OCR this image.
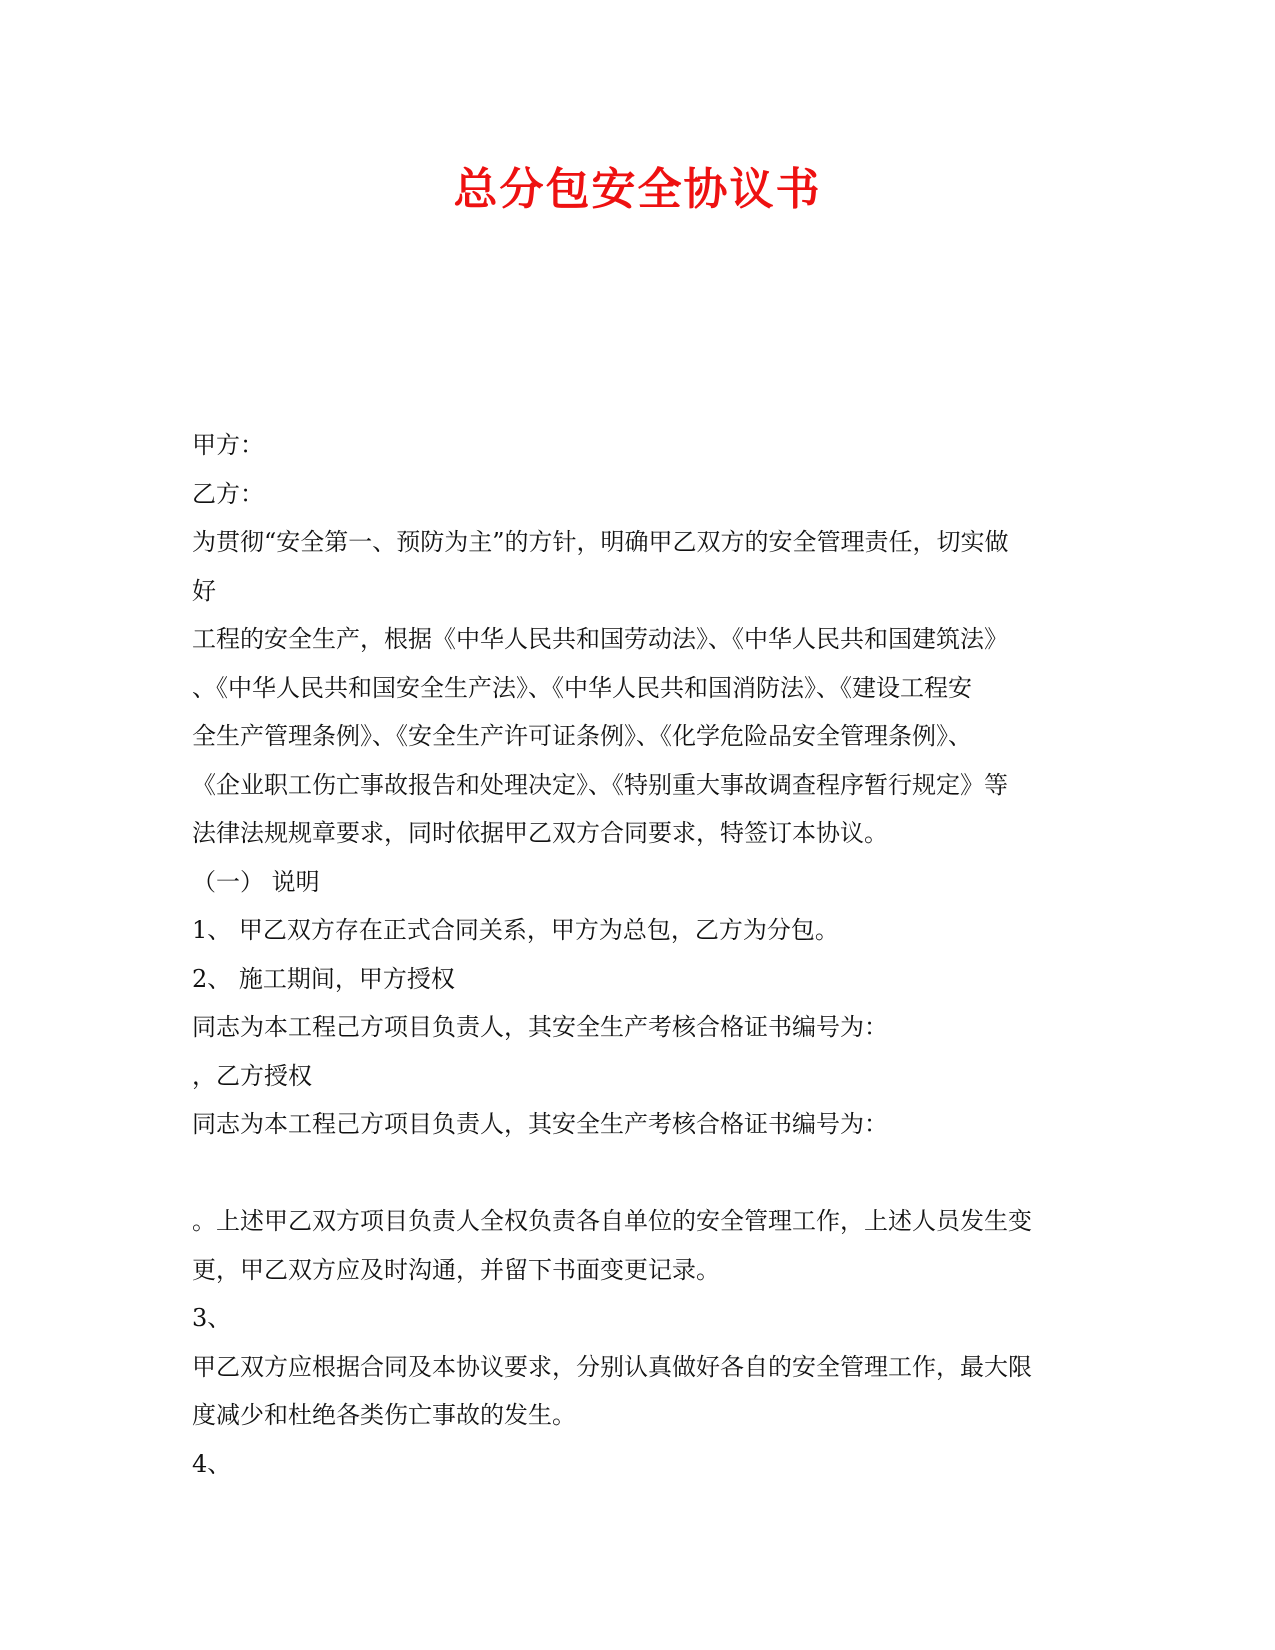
总分包安全协议书
甲方：
乙方：
为贯彻“安全第一、预防为主”的方针，明确甲乙双方的安全管理责任，切实做
好
工程的安全生产，根据《中华人民共和国劳动法》、《中华人民共和国建筑法》
、《中华人民共和国安全生产法》、《中华人民共和国消防法》、《建设工程安
全生产管理条例》、《安全生产许可证条例》、《化学危险品安全管理条例》、
《企业职工伤亡事故报告和处理决定》、《特别重大事故调查程序暂行规定》等
法律法规规章要求，同时依据甲乙双方合同要求，特签订本协议。
（一） 说明
1、 甲乙双方存在正式合同关系，甲方为总包，乙方为分包。
2、 施工期间，甲方授权
同志为本工程己方项目负责人，其安全生产考核合格证书编号为：
，乙方授权
同志为本工程己方项目负责人，其安全生产考核合格证书编号为：
。上述甲乙双方项目负责人全权负责各自单位的安全管理工作，上述人员发生变
更，甲乙双方应及时沟通，并留下书面变更记录。
3、
甲乙双方应根据合同及本协议要求，分别认真做好各自的安全管理工作，最大限
度减少和杜绝各类伤亡事故的发生。
4、
